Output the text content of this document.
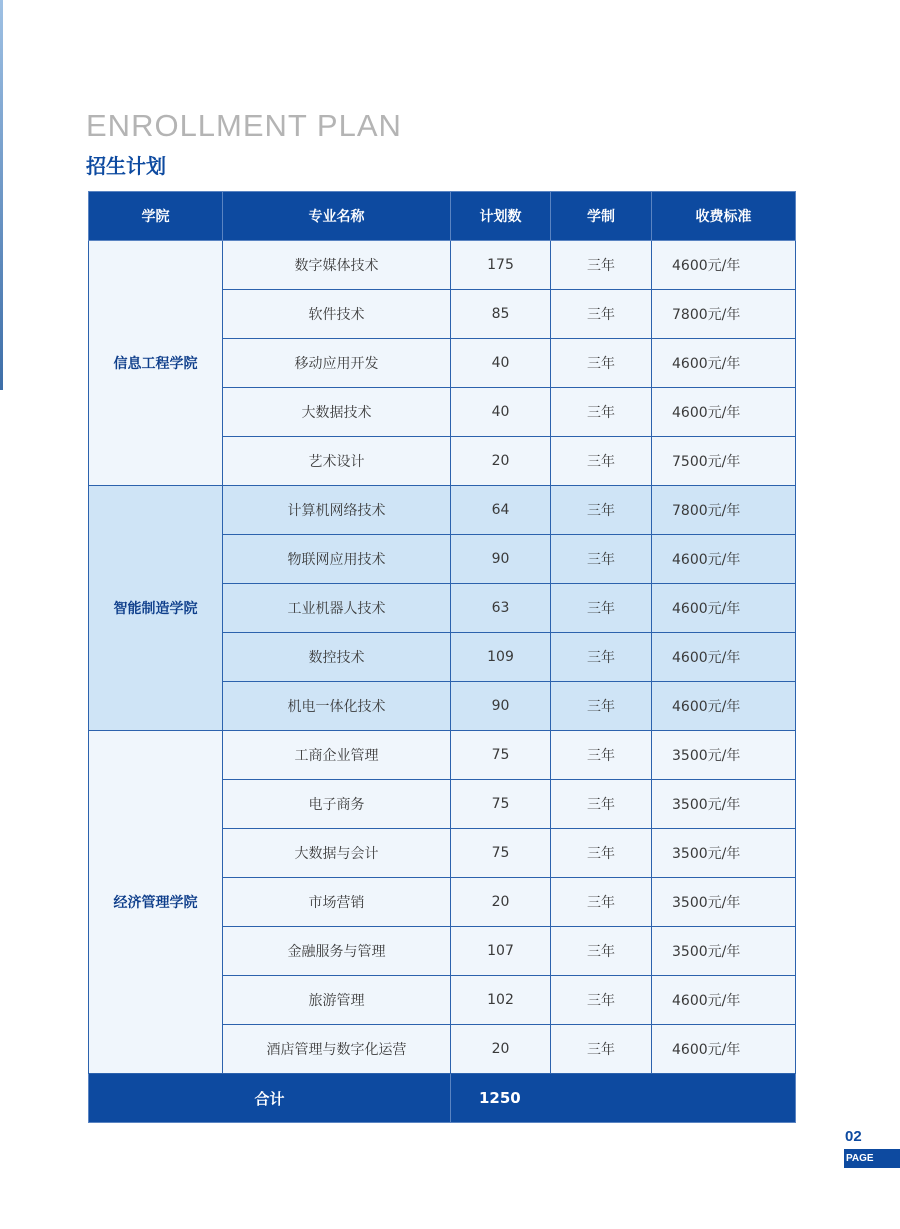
ENROLLMENT PLAN
招生计划
学院	专业名称	计划数	学制	收费标准
信息工程学院	数字媒体技术	175	三年	4600元/年
	软件技术	85	三年	7800元/年
	移动应用开发	40	三年	4600元/年
	大数据技术	40	三年	4600元/年
	艺术设计	20	三年	7500元/年
智能制造学院	计算机网络技术	64	三年	7800元/年
	物联网应用技术	90	三年	4600元/年
	工业机器人技术	63	三年	4600元/年
	数控技术	109	三年	4600元/年
	机电一体化技术	90	三年	4600元/年
经济管理学院	工商企业管理	75	三年	3500元/年
	电子商务	75	三年	3500元/年
	大数据与会计	75	三年	3500元/年
	市场营销	20	三年	3500元/年
	金融服务与管理	107	三年	3500元/年
	旅游管理	102	三年	4600元/年
	酒店管理与数字化运营	20	三年	4600元/年
合计		1250		
02
PAGE
